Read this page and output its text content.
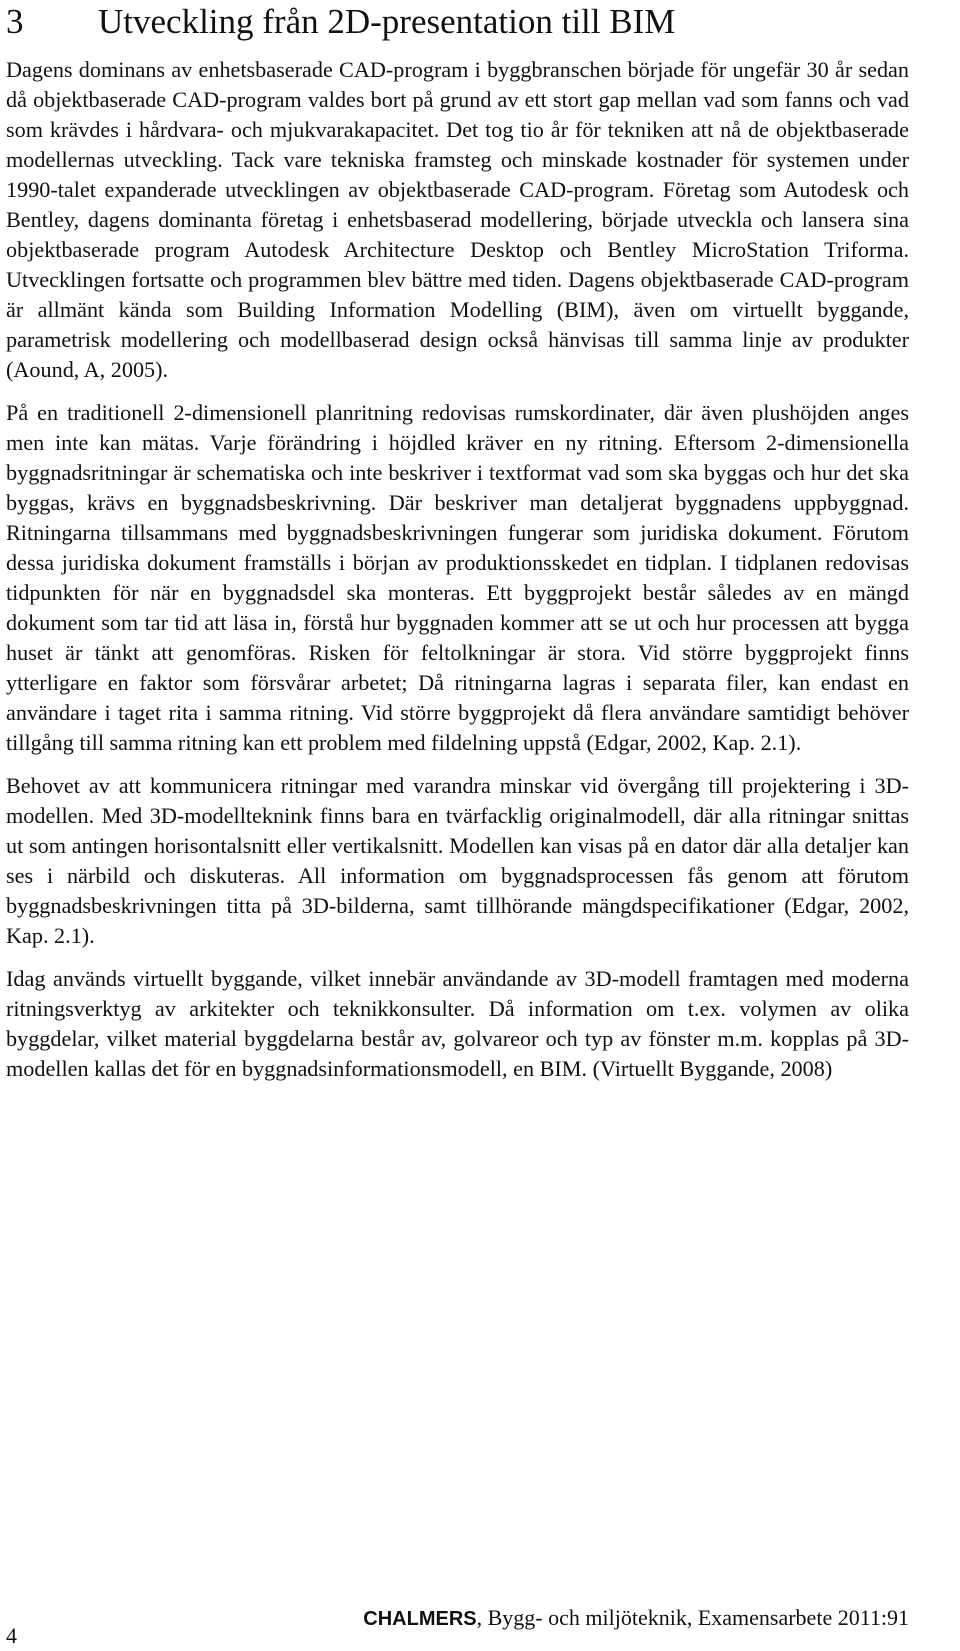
3 Utveckling från 2D-presentation till BIM

Dagens dominans av enhetsbaserade CAD-program i byggbranschen började för ungefär 30 år sedan då objektbaserade CAD-program valdes bort på grund av ett stort gap mellan vad som fanns och vad som krävdes i hårdvara- och mjukvarakapacitet. Det tog tio år för tekniken att nå de objektbaserade modellernas utveckling. Tack vare tekniska framsteg och minskade kostnader för systemen under 1990-talet expanderade utvecklingen av objektbaserade CAD-program. Företag som Autodesk och Bentley, dagens dominanta företag i enhetsbaserad modellering, började utveckla och lansera sina objektbaserade program Autodesk Architecture Desktop och Bentley MicroStation Triforma. Utvecklingen fortsatte och programmen blev bättre med tiden. Dagens objektbaserade CAD-program är allmänt kända som Building Information Modelling (BIM), även om virtuellt byggande, parametrisk modellering och modellbaserad design också hänvisas till samma linje av produkter (Aound, A, 2005).

På en traditionell 2-dimensionell planritning redovisas rumskordinater, där även plushöjden anges men inte kan mätas. Varje förändring i höjdled kräver en ny ritning. Eftersom 2-dimensionella byggnadsritningar är schematiska och inte beskriver i textformat vad som ska byggas och hur det ska byggas, krävs en byggnadsbeskrivning. Där beskriver man detaljerat byggnadens uppbyggnad. Ritningarna tillsammans med byggnadsbeskrivningen fungerar som juridiska dokument. Förutom dessa juridiska dokument framställs i början av produktionsskedet en tidplan. I tidplanen redovisas tidpunkten för när en byggnadsdel ska monteras. Ett byggprojekt består således av en mängd dokument som tar tid att läsa in, förstå hur byggnaden kommer att se ut och hur processen att bygga huset är tänkt att genomföras. Risken för feltolkningar är stora. Vid större byggprojekt finns ytterligare en faktor som försvårar arbetet; Då ritningarna lagras i separata filer, kan endast en användare i taget rita i samma ritning. Vid större byggprojekt då flera användare samtidigt behöver tillgång till samma ritning kan ett problem med fildelning uppstå (Edgar, 2002, Kap. 2.1).

Behovet av att kommunicera ritningar med varandra minskar vid övergång till projektering i 3D-modellen. Med 3D-modellteknink finns bara en tvärfacklig originalmodell, där alla ritningar snittas ut som antingen horisontalsnitt eller vertikalsnitt. Modellen kan visas på en dator där alla detaljer kan ses i närbild och diskuteras. All information om byggnadsprocessen fås genom att förutom byggnadsbeskrivningen titta på 3D-bilderna, samt tillhörande mängdspecifikationer (Edgar, 2002, Kap. 2.1).

Idag används virtuellt byggande, vilket innebär användande av 3D-modell framtagen med moderna ritningsverktyg av arkitekter och teknikkonsulter. Då information om t.ex. volymen av olika byggdelar, vilket material byggdelarna består av, golvareor och typ av fönster m.m. kopplas på 3D-modellen kallas det för en byggnadsinformationsmodell, en BIM. (Virtuellt Byggande, 2008)

4
CHALMERS, Bygg- och miljöteknik, Examensarbete 2011:91
